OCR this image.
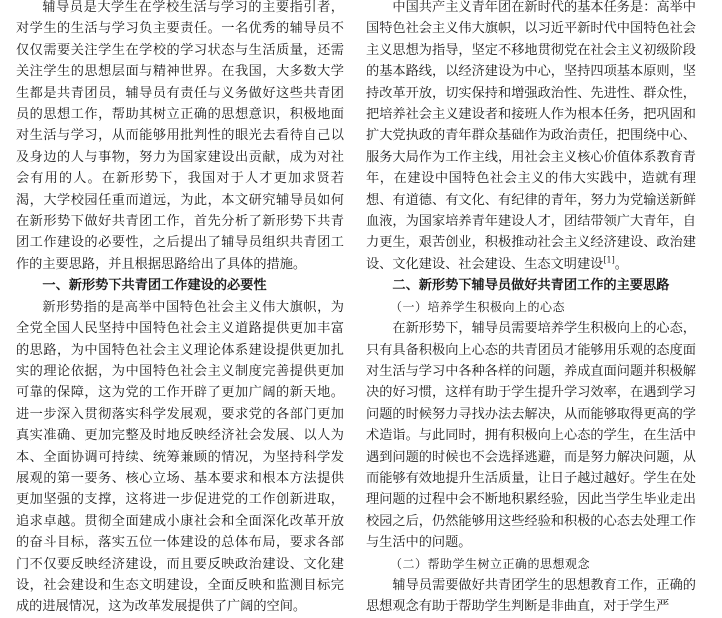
辅导员是大学生在学校生活与学习的主要指引者，对学生的生活与学习负主要责任。一名优秀的辅导员不仅仅需要关注学生在学校的学习状态与生活质量，还需关注学生的思想层面与精神世界。在我国，大多数大学生都是共青团员，辅导员有责任与义务做好这些共青团员的思想工作，帮助其树立正确的思想意识，积极地面对生活与学习，从而能够用批判性的眼光去看待自己以及身边的人与事物，努力为国家建设出贡献，成为对社会有用的人。在新形势下，我国对于人才更加求贤若渴，大学校园任重而道远，为此，本文研究辅导员如何在新形势下做好共青团工作，首先分析了新形势下共青团工作建设的必要性，之后提出了辅导员组织共青团工作的主要思路，并且根据思路给出了具体的措施。

一、新形势下共青团工作建设的必要性

新形势指的是高举中国特色社会主义伟大旗帜，为全党全国人民坚持中国特色社会主义道路提供更加丰富的思路，为中国特色社会主义理论体系建设提供更加扎实的理论依据，为中国特色社会主义制度完善提供更加可靠的保障，这为党的工作开辟了更加广阔的新天地。进一步深入贯彻落实科学发展观，要求党的各部门更加真实准确、更加完整及时地反映经济社会发展、以人为本、全面协调可持续、统筹兼顾的情况，为坚持科学发展观的第一要务、核心立场、基本要求和根本方法提供更加坚强的支撑，这将进一步促进党的工作创新进取，追求卓越。贯彻全面建成小康社会和全面深化改革开放的奋斗目标，落实五位一体建设的总体布局，要求各部门不仅要反映经济建设，而且要反映政治建设、文化建设，社会建设和生态文明建设，全面反映和监测目标完成的进展情况，这为改革发展提供了广阔的空间。

中国共产主义青年团在新时代的基本任务是：高举中国特色社会主义伟大旗帜，以习近平新时代中国特色社会主义思想为指导，坚定不移地贯彻党在社会主义初级阶段的基本路线，以经济建设为中心，坚持四项基本原则，坚持改革开放，切实保持和增强政治性、先进性、群众性，把培养社会主义建设者和接班人作为根本任务，把巩固和扩大党执政的青年群众基础作为政治责任，把围绕中心、服务大局作为工作主线，用社会主义核心价值体系教育青年，在建设中国特色社会主义的伟大实践中，造就有理想、有道德、有文化、有纪律的青年，努力为党输送新鲜血液，为国家培养青年建设人才，团结带领广大青年，自力更生，艰苦创业，积极推动社会主义经济建设、政治建设、文化建设、社会建设、生态文明建设[1]。

二、新形势下辅导员做好共青团工作的主要思路
（一）培养学生积极向上的心态

在新形势下，辅导员需要培养学生积极向上的心态，只有具备积极向上心态的共青团员才能够用乐观的态度面对生活与学习中各种各样的问题，养成直面问题并积极解决的好习惯，这样有助于学生提升学习效率，在遇到学习问题的时候努力寻找办法去解决，从而能够取得更高的学术造诣。与此同时，拥有积极向上心态的学生，在生活中遇到问题的时候也不会选择逃避，而是努力解决问题，从而能够有效地提升生活质量，让日子越过越好。学生在处理问题的过程中会不断地积累经验，因此当学生毕业走出校园之后，仍然能够用这些经验和积极的心态去处理工作与生活中的问题。

（二）帮助学生树立正确的思想观念

辅导员需要做好共青团学生的思想教育工作，正确的思想观念有助于帮助学生判断是非曲直，对于学生严
